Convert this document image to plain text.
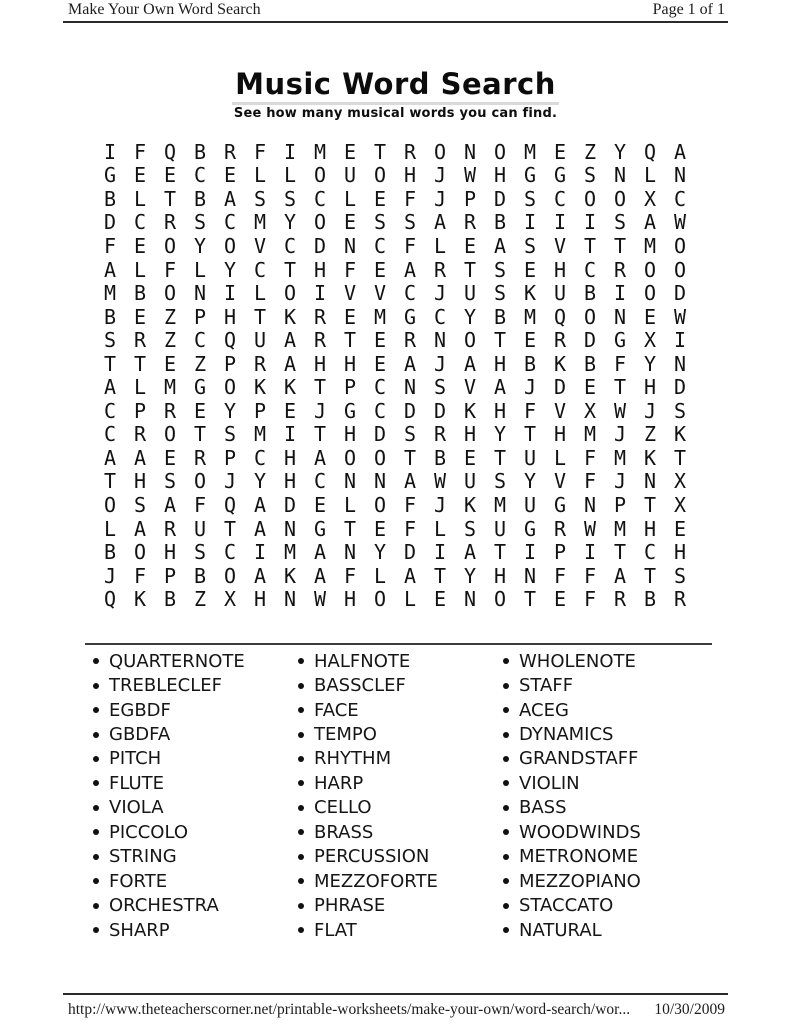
Make Your Own Word Search	Page 1 of 1
Music Word Search
See how many musical words you can find.
I F Q B R F I M E T R O N O M E Z Y Q A
G E E C E L L O U O H J W H G G S N L N
B L T B A S S C L E F J P D S C O O X C
D C R S C M Y O E S S A R B I I I S A W
F E O Y O V C D N C F L E A S V T T M O
A L F L Y C T H F E A R T S E H C R O O
M B O N I L O I V V C J U S K U B I O D
B E Z P H T K R E M G C Y B M Q O N E W
S R Z C Q U A R T E R N O T E R D G X I
T T E Z P R A H H E A J A H B K B F Y N
A L M G O K K T P C N S V A J D E T H D
C P R E Y P E J G C D D K H F V X W J S
C R O T S M I T H D S R H Y T H M J Z K
A A E R P C H A O O T B E T U L F M K T
T H S O J Y H C N N A W U S Y V F J N X
O S A F Q A D E L O F J K M U G N P T X
L A R U T A N G T E F L S U G R W M H E
B O H S C I M A N Y D I A T I P I T C H
J F P B O A K A F L A T Y H N F F A T S
Q K B Z X H N W H O L E N O T E F R B R
QUARTERNOTE
TREBLECLEF
EGBDF
GBDFA
PITCH
FLUTE
VIOLA
PICCOLO
STRING
FORTE
ORCHESTRA
SHARP
HALFNOTE
BASSCLEF
FACE
TEMPO
RHYTHM
HARP
CELLO
BRASS
PERCUSSION
MEZZOFORTE
PHRASE
FLAT
WHOLENOTE
STAFF
ACEG
DYNAMICS
GRANDSTAFF
VIOLIN
BASS
WOODWINDS
METRONOME
MEZZOPIANO
STACCATO
NATURAL
http://www.theteacherscorner.net/printable-worksheets/make-your-own/word-search/wor... 10/30/2009
